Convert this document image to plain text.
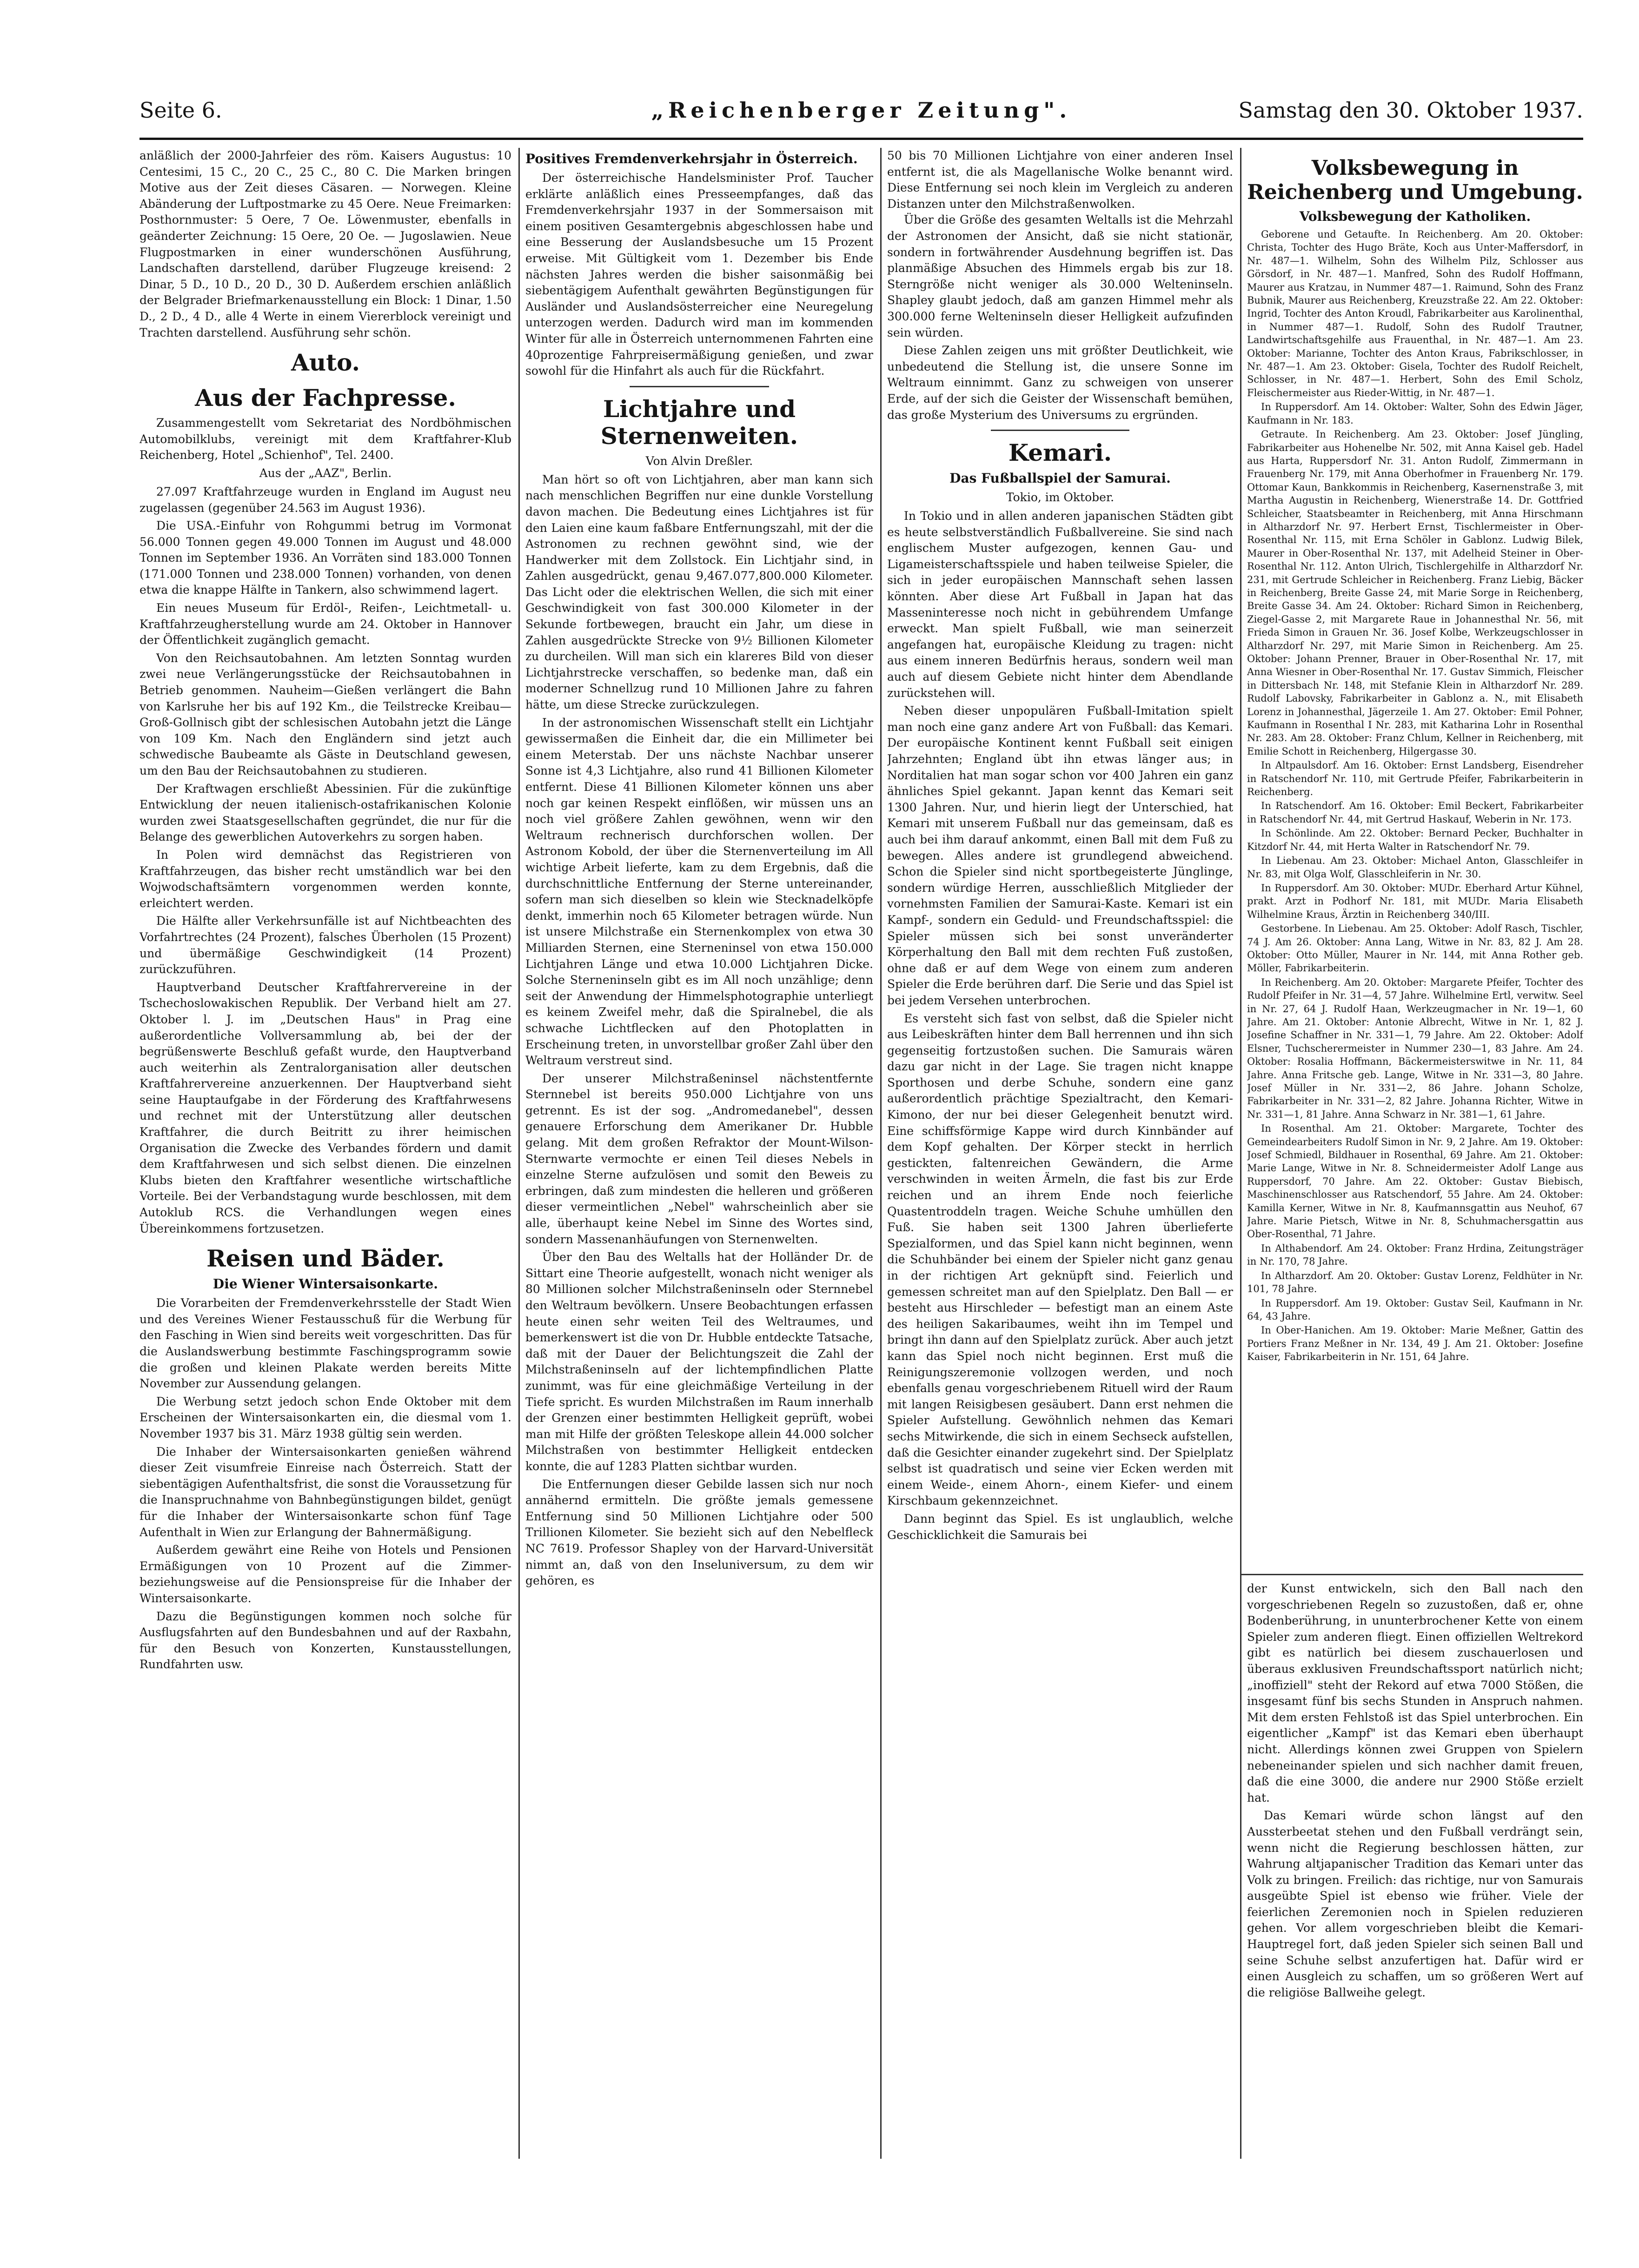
Seite 6.	„Reichenberger Zeitung".	Samstag den 30. Oktober 1937.
anläßlich der 2000-Jahrfeier des röm. Kaisers Augustus: 10 Centesimi, 15 C., 20 C., 25 C., 80 C. Die Marken bringen Motive aus der Zeit dieses Cäsaren. — Norwegen. Kleine Abänderung der Luftpostmarke zu 45 Oere. Neue Freimarken: Posthornmuster: 5 Oere, 7 Oe. Löwenmuster, ebenfalls in geänderter Zeichnung: 15 Oere, 20 Oe. — Jugoslawien. Neue Flugpostmarken in einer wunderschönen Ausführung, Landschaften darstellend, darüber Flugzeuge kreisend: 2 Dinar, 5 D., 10 D., 20 D., 30 D. Außerdem erschien anläßlich der Belgrader Briefmarkenausstellung ein Block: 1 Dinar, 1.50 D., 2 D., 4 D., alle 4 Werte in einem Viererblock vereinigt und Trachten darstellend. Ausführung sehr schön.
Auto.
Aus der Fachpresse.

Zusammengestellt vom Sekretariat des Nordböhmischen Automobilklubs, vereinigt mit dem Kraftfahrer-Klub Reichenberg, Hotel „Schienhof", Tel. 2400.

Aus der „AAZ", Berlin.

27.097 Kraftfahrzeuge wurden in England im August neu zugelassen (gegenüber 24.563 im August 1936).

Die USA.-Einfuhr von Rohgummi betrug im Vormonat 56.000 Tonnen gegen 49.000 Tonnen im August und 48.000 Tonnen im September 1936. An Vorräten sind 183.000 Tonnen (171.000 Tonnen und 238.000 Tonnen) vorhanden, von denen etwa die knappe Hälfte in Tankern, also schwimmend lagert.

Ein neues Museum für Erdöl-, Reifen-, Leichtmetall- u. Kraftfahrzeugherstellung wurde am 24. Oktober in Hannover der Öffentlichkeit zugänglich gemacht.

Von den Reichsautobahnen. Am letzten Sonntag wurden zwei neue Verlängerungsstücke der Reichsautobahnen in Betrieb genommen. Nauheim—Gießen verlängert die Bahn von Karlsruhe her bis auf 192 Km., die Teilstrecke Kreibau—Groß-Gollnisch gibt der schlesischen Autobahn jetzt die Länge von 109 Km. Nach den Engländern sind jetzt auch schwedische Baubeamte als Gäste in Deutschland gewesen, um den Bau der Reichsautobahnen zu studieren.

Der Kraftwagen erschließt Abessinien. Für die zukünftige Entwicklung der neuen italienisch-ostafrikanischen Kolonie wurden zwei Staatsgesellschaften gegründet, die nur für die Belange des gewerblichen Autoverkehrs zu sorgen haben.

In Polen wird demnächst das Registrieren von Kraftfahrzeugen, das bisher recht umständlich war bei den Wojwodschaftsämtern vorgenommen werden konnte, erleichtert werden.

Die Hälfte aller Verkehrsunfälle ist auf Nichtbeachten des Vorfahrtrechtes (24 Prozent), falsches Überholen (15 Prozent) und übermäßige Geschwindigkeit (14 Prozent) zurückzuführen.

Hauptverband Deutscher Kraftfahrervereine in der Tschechoslowakischen Republik. Der Verband hielt am 27. Oktober l. J. im „Deutschen Haus" in Prag eine außerordentliche Vollversammlung ab, bei der der begrüßenswerte Beschluß gefaßt wurde, den Hauptverband auch weiterhin als Zentralorganisation aller deutschen Kraftfahrervereine anzuerkennen. Der Hauptverband sieht seine Hauptaufgabe in der Förderung des Kraftfahrwesens und rechnet mit der Unterstützung aller deutschen Kraftfahrer, die durch Beitritt zu ihrer heimischen Organisation die Zwecke des Verbandes fördern und damit dem Kraftfahrwesen und sich selbst dienen. Die einzelnen Klubs bieten den Kraftfahrer wesentliche wirtschaftliche Vorteile. Bei der Verbandstagung wurde beschlossen, mit dem Autoklub RCS. die Verhandlungen wegen eines Übereinkommens fortzusetzen.

Reisen und Bäder.
Die Wiener Wintersaisonkarte.

Die Vorarbeiten der Fremdenverkehrsstelle der Stadt Wien und des Vereines Wiener Festausschuß für die Werbung für den Fasching in Wien sind bereits weit vorgeschritten. Das für die Auslandswerbung bestimmte Faschingsprogramm sowie die großen und kleinen Plakate werden bereits Mitte November zur Aussendung gelangen.

Die Werbung setzt jedoch schon Ende Oktober mit dem Erscheinen der Wintersaisonkarten ein, die diesmal vom 1. November 1937 bis 31. März 1938 gültig sein werden.

Die Inhaber der Wintersaisonkarten genießen während dieser Zeit visumfreie Einreise nach Österreich. Statt der siebentägigen Aufenthaltsfrist, die sonst die Voraussetzung für die Inanspruchnahme von Bahnbegünstigungen bildet, genügt für die Inhaber der Wintersaisonkarte schon fünf Tage Aufenthalt in Wien zur Erlangung der Bahnermäßigung.

Außerdem gewährt eine Reihe von Hotels und Pensionen Ermäßigungen von 10 Prozent auf die Zimmer- beziehungsweise auf die Pensionspreise für die Inhaber der Wintersaisonkarte.

Dazu die Begünstigungen kommen noch solche für Ausflugsfahrten auf den Bundesbahnen und auf der Raxbahn, für den Besuch von Konzerten, Kunstausstellungen, Rundfahrten usw.

Positives Fremdenverkehrsjahr in Österreich.

Der österreichische Handelsminister Prof. Taucher erklärte anläßlich eines Presseempfanges, daß das Fremdenverkehrsjahr 1937 in der Sommersaison mit einem positiven Gesamtergebnis abgeschlossen habe und eine Besserung der Auslandsbesuche um 15 Prozent erweise. Mit Gültigkeit vom 1. Dezember bis Ende nächsten Jahres werden die bisher saisonmäßig bei siebentägigem Aufenthalt gewährten Begünstigungen für Ausländer und Auslandsösterreicher eine Neuregelung unterzogen werden. Dadurch wird man im kommenden Winter für alle in Österreich unternommenen Fahrten eine 40prozentige Fahrpreisermäßigung genießen, und zwar sowohl für die Hinfahrt als auch für die Rückfahrt.

Lichtjahre und Sternenweiten.
Von Alvin Dreßler.

Man hört so oft von Lichtjahren, aber man kann sich nach menschlichen Begriffen nur eine dunkle Vorstellung davon machen. Die Bedeutung eines Lichtjahres ist für den Laien eine kaum faßbare Entfernungszahl, mit der die Astronomen zu rechnen gewöhnt sind, wie der Handwerker mit dem Zollstock. Ein Lichtjahr sind, in Zahlen ausgedrückt, genau 9,467.077,800.000 Kilometer. Das Licht oder die elektrischen Wellen, die sich mit einer Geschwindigkeit von fast 300.000 Kilometer in der Sekunde fortbewegen, braucht ein Jahr, um diese in Zahlen ausgedrückte Strecke von 9½ Billionen Kilometer zu durcheilen. Will man sich ein klareres Bild von dieser Lichtjahrstrecke verschaffen, so bedenke man, daß ein moderner Schnellzug rund 10 Millionen Jahre zu fahren hätte, um diese Strecke zurückzulegen.

In der astronomischen Wissenschaft stellt ein Lichtjahr gewissermaßen die Einheit dar, die ein Millimeter bei einem Meterstab. Der uns nächste Nachbar unserer Sonne ist 4,3 Lichtjahre, also rund 41 Billionen Kilometer entfernt. Diese 41 Billionen Kilometer können uns aber noch gar keinen Respekt einflößen, wir müssen uns an noch viel größere Zahlen gewöhnen, wenn wir den Weltraum rechnerisch durchforschen wollen. Der Astronom Kobold, der über die Sternenverteilung im All wichtige Arbeit lieferte, kam zu dem Ergebnis, daß die durchschnittliche Entfernung der Sterne untereinander, sofern man sich dieselben so klein wie Stecknadelköpfe denkt, immerhin noch 65 Kilometer betragen würde. Nun ist unsere Milchstraße ein Sternenkomplex von etwa 30 Milliarden Sternen, eine Sterneninsel von etwa 150.000 Lichtjahren Länge und etwa 10.000 Lichtjahren Dicke. Solche Sterneninseln gibt es im All noch unzählige; denn seit der Anwendung der Himmelsphotographie unterliegt es keinem Zweifel mehr, daß die Spiralnebel, die als schwache Lichtflecken auf den Photoplatten in Erscheinung treten, in unvorstellbar großer Zahl über den Weltraum verstreut sind.

Der unserer Milchstraßeninsel nächstentfernte Sternnebel ist bereits 950.000 Lichtjahre von uns getrennt. Es ist der sog. „Andromedanebel", dessen genauere Erforschung dem Amerikaner Dr. Hubble gelang. Mit dem großen Refraktor der Mount-Wilson-Sternwarte vermochte er einen Teil dieses Nebels in einzelne Sterne aufzulösen und somit den Beweis zu erbringen, daß zum mindesten die helleren und größeren dieser vermeintlichen „Nebel" wahrscheinlich aber sie alle, überhaupt keine Nebel im Sinne des Wortes sind, sondern Massenanhäufungen von Sternenwelten.

Über den Bau des Weltalls hat der Holländer Dr. de Sittart eine Theorie aufgestellt, wonach nicht weniger als 80 Millionen solcher Milchstraßeninseln oder Sternnebel den Weltraum bevölkern. Unsere Beobachtungen erfassen heute einen sehr weiten Teil des Weltraumes, und bemerkenswert ist die von Dr. Hubble entdeckte Tatsache, daß mit der Dauer der Belichtungszeit die Zahl der Milchstraßeninseln auf der lichtempfindlichen Platte zunimmt, was für eine gleichmäßige Verteilung in der Tiefe spricht. Es wurden Milchstraßen im Raum innerhalb der Grenzen einer bestimmten Helligkeit geprüft, wobei man mit Hilfe der größten Teleskope allein 44.000 solcher Milchstraßen von bestimmter Helligkeit entdecken konnte, die auf 1283 Platten sichtbar wurden.

Die Entfernungen dieser Gebilde lassen sich nur noch annähernd ermitteln. Die größte jemals gemessene Entfernung sind 50 Millionen Lichtjahre oder 500 Trillionen Kilometer. Sie bezieht sich auf den Nebelfleck NC 7619. Professor Shapley von der Harvard-Universität nimmt an, daß von den Inseluniversum, zu dem wir gehören, es

50 bis 70 Millionen Lichtjahre von einer anderen Insel entfernt ist, die als Magellanische Wolke benannt wird. Diese Entfernung sei noch klein im Vergleich zu anderen Distanzen unter den Milchstraßenwolken.

Über die Größe des gesamten Weltalls ist die Mehrzahl der Astronomen der Ansicht, daß sie nicht stationär, sondern in fortwährender Ausdehnung begriffen ist. Das planmäßige Absuchen des Himmels ergab bis zur 18. Sterngröße nicht weniger als 30.000 Welteninseln. Shapley glaubt jedoch, daß am ganzen Himmel mehr als 300.000 ferne Welteninseln dieser Helligkeit aufzufinden sein würden.

Diese Zahlen zeigen uns mit größter Deutlichkeit, wie unbedeutend die Stellung ist, die unsere Sonne im Weltraum einnimmt. Ganz zu schweigen von unserer Erde, auf der sich die Geister der Wissenschaft bemühen, das große Mysterium des Universums zu ergründen.

Kemari.
Das Fußballspiel der Samurai.
Tokio, im Oktober.

In Tokio und in allen anderen japanischen Städten gibt es heute selbstverständlich Fußballvereine. Sie sind nach englischem Muster aufgezogen, kennen Gau- und Ligameisterschaftsspiele und haben teilweise Spieler, die sich in jeder europäischen Mannschaft sehen lassen könnten. Aber diese Art Fußball in Japan hat das Masseninteresse noch nicht in gebührendem Umfange erweckt. Man spielt Fußball, wie man seinerzeit angefangen hat, europäische Kleidung zu tragen: nicht aus einem inneren Bedürfnis heraus, sondern weil man auch auf diesem Gebiete nicht hinter dem Abendlande zurückstehen will.

Neben dieser unpopulären Fußball-Imitation spielt man noch eine ganz andere Art von Fußball: das Kemari. Der europäische Kontinent kennt Fußball seit einigen Jahrzehnten; England übt ihn etwas länger aus; in Norditalien hat man sogar schon vor 400 Jahren ein ganz ähnliches Spiel gekannt. Japan kennt das Kemari seit 1300 Jahren. Nur, und hierin liegt der Unterschied, hat Kemari mit unserem Fußball nur das gemeinsam, daß es auch bei ihm darauf ankommt, einen Ball mit dem Fuß zu bewegen. Alles andere ist grundlegend abweichend. Schon die Spieler sind nicht sportbegeisterte Jünglinge, sondern würdige Herren, ausschließlich Mitglieder der vornehmsten Familien der Samurai-Kaste. Kemari ist ein Kampf-, sondern ein Geduld- und Freundschaftsspiel: die Spieler müssen sich bei sonst unveränderter Körperhaltung den Ball mit dem rechten Fuß zustoßen, ohne daß er auf dem Wege von einem zum anderen Spieler die Erde berühren darf. Die Serie und das Spiel ist bei jedem Versehen unterbrochen.

Es versteht sich fast von selbst, daß die Spieler nicht aus Leibeskräften hinter dem Ball herrennen und ihn sich gegenseitig fortzustoßen suchen. Die Samurais wären dazu gar nicht in der Lage. Sie tragen nicht knappe Sporthosen und derbe Schuhe, sondern eine ganz außerordentlich prächtige Spezialtracht, den Kemari-Kimono, der nur bei dieser Gelegenheit benutzt wird. Eine schiffsförmige Kappe wird durch Kinnbänder auf dem Kopf gehalten. Der Körper steckt in herrlich gestickten, faltenreichen Gewändern, die Arme verschwinden in weiten Ärmeln, die fast bis zur Erde reichen und an ihrem Ende noch feierliche Quastentroddeln tragen. Weiche Schuhe umhüllen den Fuß. Sie haben seit 1300 Jahren überlieferte Spezialformen, und das Spiel kann nicht beginnen, wenn die Schuhbänder bei einem der Spieler nicht ganz genau in der richtigen Art geknüpft sind. Feierlich und gemessen schreitet man auf den Spielplatz. Den Ball — er besteht aus Hirschleder — befestigt man an einem Aste des heiligen Sakaribaumes, weiht ihn im Tempel und bringt ihn dann auf den Spielplatz zurück. Aber auch jetzt kann das Spiel noch nicht beginnen. Erst muß die Reinigungszeremonie vollzogen werden, und noch ebenfalls genau vorgeschriebenem Rituell wird der Raum mit langen Reisigbesen gesäubert. Dann erst nehmen die Spieler Aufstellung. Gewöhnlich nehmen das Kemari sechs Mitwirkende, die sich in einem Sechseck aufstellen, daß die Gesichter einander zugekehrt sind. Der Spielplatz selbst ist quadratisch und seine vier Ecken werden mit einem Weide-, einem Ahorn-, einem Kiefer- und einem Kirschbaum gekennzeichnet.

Dann beginnt das Spiel. Es ist unglaublich, welche Geschicklichkeit die Samurais bei

Volksbewegung in Reichenberg und Umgebung.
Volksbewegung der Katholiken.

Geborene und Getaufte. In Reichenberg. Am 20. Oktober: Christa, Tochter des Hugo Bräte, Koch aus Unter-Maffersdorf, in Nr. 487—1. Wilhelm, Sohn des Wilhelm Pilz, Schlosser aus Görsdorf, in Nr. 487—1. Manfred, Sohn des Rudolf Hoffmann, Maurer aus Kratzau, in Nummer 487—1. Raimund, Sohn des Franz Bubnik, Maurer aus Reichenberg, Kreuzstraße 22. Am 22. Oktober: Ingrid, Tochter des Anton Kroudl, Fabrikarbeiter aus Karolinenthal, in Nummer 487—1. Rudolf, Sohn des Rudolf Trautner, Landwirtschaftsgehilfe aus Frauenthal, in Nr. 487—1. Am 23. Oktober: Marianne, Tochter des Anton Kraus, Fabrikschlosser, in Nr. 487—1. Am 23. Oktober: Gisela, Tochter des Rudolf Reichelt, Schlosser, in Nr. 487—1. Herbert, Sohn des Emil Scholz, Fleischermeister aus Rieder-Wittig, in Nr. 487—1.

In Ruppersdorf. Am 14. Oktober: Walter, Sohn des Edwin Jäger, Kaufmann in Nr. 183.

Getraute. In Reichenberg. Am 23. Oktober: Josef Jüngling, Fabrikarbeiter aus Hohenelbe Nr. 502, mit Anna Kaisel geb. Hadel aus Harta, Ruppersdorf Nr. 31. Anton Rudolf, Zimmermann in Frauenberg Nr. 179, mit Anna Oberhofmer in Frauenberg Nr. 179. Ottomar Kaun, Bankkommis in Reichenberg, Kasernenstraße 3, mit Martha Augustin in Reichenberg, Wienerstraße 14. Dr. Gottfried Schleicher, Staatsbeamter in Reichenberg, mit Anna Hirschmann in Altharzdorf Nr. 97. Herbert Ernst, Tischlermeister in Ober-Rosenthal Nr. 115, mit Erna Schöler in Gablonz. Ludwig Bilek, Maurer in Ober-Rosenthal Nr. 137, mit Adelheid Steiner in Ober-Rosenthal Nr. 112. Anton Ulrich, Tischlergehilfe in Altharzdorf Nr. 231, mit Gertrude Schleicher in Reichenberg. Franz Liebig, Bäcker in Reichenberg, Breite Gasse 24, mit Marie Sorge in Reichenberg, Breite Gasse 34. Am 24. Oktober: Richard Simon in Reichenberg, Ziegel-Gasse 2, mit Margarete Raue in Johannesthal Nr. 56, mit Frieda Simon in Grauen Nr. 36. Josef Kolbe, Werkzeugschlosser in Altharzdorf Nr. 297, mit Marie Simon in Reichenberg. Am 25. Oktober: Johann Prenner, Brauer in Ober-Rosenthal Nr. 17, mit Anna Wiesner in Ober-Rosenthal Nr. 17. Gustav Simmich, Fleischer in Dittersbach Nr. 148, mit Stefanie Klein in Altharzdorf Nr. 289. Rudolf Labovsky, Fabrikarbeiter in Gablonz a. N., mit Elisabeth Lorenz in Johannesthal, Jägerzeile 1. Am 27. Oktober: Emil Pohner, Kaufmann in Rosenthal I Nr. 283, mit Katharina Lohr in Rosenthal Nr. 283. Am 28. Oktober: Franz Chlum, Kellner in Reichenberg, mit Emilie Schott in Reichenberg, Hilgergasse 30.

In Altpaulsdorf. Am 16. Oktober: Ernst Landsberg, Eisendreher in Ratschendorf Nr. 110, mit Gertrude Pfeifer, Fabrikarbeiterin in Reichenberg.

In Ratschendorf. Am 16. Oktober: Emil Beckert, Fabrikarbeiter in Ratschendorf Nr. 44, mit Gertrud Haskauf, Weberin in Nr. 173.

In Schönlinde. Am 22. Oktober: Bernard Pecker, Buchhalter in Kitzdorf Nr. 44, mit Herta Walter in Ratschendorf Nr. 79.

In Liebenau. Am 23. Oktober: Michael Anton, Glasschleifer in Nr. 83, mit Olga Wolf, Glasschleiferin in Nr. 30.

In Ruppersdorf. Am 30. Oktober: MUDr. Eberhard Artur Kühnel, prakt. Arzt in Podhorf Nr. 181, mit MUDr. Maria Elisabeth Wilhelmine Kraus, Ärztin in Reichenberg 340/III.

Gestorbene. In Liebenau. Am 25. Oktober: Adolf Rasch, Tischler, 74 J. Am 26. Oktober: Anna Lang, Witwe in Nr. 83, 82 J. Am 28. Oktober: Otto Müller, Maurer in Nr. 144, mit Anna Rother geb. Möller, Fabrikarbeiterin.

In Reichenberg. Am 20. Oktober: Margarete Pfeifer, Tochter des Rudolf Pfeifer in Nr. 31—4, 57 Jahre. Wilhelmine Ertl, verwitw. Seel in Nr. 27, 64 J. Rudolf Haan, Werkzeugmacher in Nr. 19—1, 60 Jahre. Am 21. Oktober: Antonie Albrecht, Witwe in Nr. 1, 82 J. Josefine Schaffner in Nr. 331—1, 79 Jahre. Am 22. Oktober: Adolf Elsner, Tuchscherermeister in Nummer 230—1, 83 Jahre. Am 24. Oktober: Rosalia Hoffmann, Bäckermeisterswitwe in Nr. 11, 84 Jahre. Anna Fritsche geb. Lange, Witwe in Nr. 331—3, 80 Jahre. Josef Müller in Nr. 331—2, 86 Jahre. Johann Scholze, Fabrikarbeiter in Nr. 331—2, 82 Jahre. Johanna Richter, Witwe in Nr. 331—1, 81 Jahre. Anna Schwarz in Nr. 381—1, 61 Jahre.

In Rosenthal. Am 21. Oktober: Margarete, Tochter des Gemeindearbeiters Rudolf Simon in Nr. 9, 2 Jahre. Am 19. Oktober: Josef Schmiedl, Bildhauer in Rosenthal, 69 Jahre. Am 21. Oktober: Marie Lange, Witwe in Nr. 8. Schneidermeister Adolf Lange aus Ruppersdorf, 70 Jahre. Am 22. Oktober: Gustav Biebisch, Maschinenschlosser aus Ratschendorf, 55 Jahre. Am 24. Oktober: Kamilla Kerner, Witwe in Nr. 8, Kaufmannsgattin aus Neuhof, 67 Jahre. Marie Pietsch, Witwe in Nr. 8, Schuhmachersgattin aus Ober-Rosenthal, 71 Jahre.

In Althabendorf. Am 24. Oktober: Franz Hrdina, Zeitungsträger in Nr. 170, 78 Jahre.

In Altharzdorf. Am 20. Oktober: Gustav Lorenz, Feldhüter in Nr. 101, 78 Jahre.

In Ruppersdorf. Am 19. Oktober: Gustav Seil, Kaufmann in Nr. 64, 43 Jahre.

In Ober-Hanichen. Am 19. Oktober: Marie Meßner, Gattin des Portiers Franz Meßner in Nr. 134, 49 J. Am 21. Oktober: Josefine Kaiser, Fabrikarbeiterin in Nr. 151, 64 Jahre.

der Kunst entwickeln, sich den Ball nach den vorgeschriebenen Regeln so zuzustoßen, daß er, ohne Bodenberührung, in ununterbrochener Kette von einem Spieler zum anderen fliegt. Einen offiziellen Weltrekord gibt es natürlich bei diesem zuschauerlosen und überaus exklusiven Freundschaftssport natürlich nicht; „inoffiziell" steht der Rekord auf etwa 7000 Stößen, die insgesamt fünf bis sechs Stunden in Anspruch nahmen. Mit dem ersten Fehlstoß ist das Spiel unterbrochen. Ein eigentlicher „Kampf" ist das Kemari eben überhaupt nicht. Allerdings können zwei Gruppen von Spielern nebeneinander spielen und sich nachher damit freuen, daß die eine 3000, die andere nur 2900 Stöße erzielt hat.

Das Kemari würde schon längst auf den Aussterbeetat stehen und den Fußball verdrängt sein, wenn nicht die Regierung beschlossen hätten, zur Wahrung altjapanischer Tradition das Kemari unter das Volk zu bringen. Freilich: das richtige, nur von Samurais ausgeübte Spiel ist ebenso wie früher. Viele der feierlichen Zeremonien noch in Spielen reduzieren gehen. Vor allem vorgeschrieben bleibt die Kemari-Hauptregel fort, daß jeden Spieler sich seinen Ball und seine Schuhe selbst anzufertigen hat. Dafür wird er einen Ausgleich zu schaffen, um so größeren Wert auf die religiöse Ballweihe gelegt.
